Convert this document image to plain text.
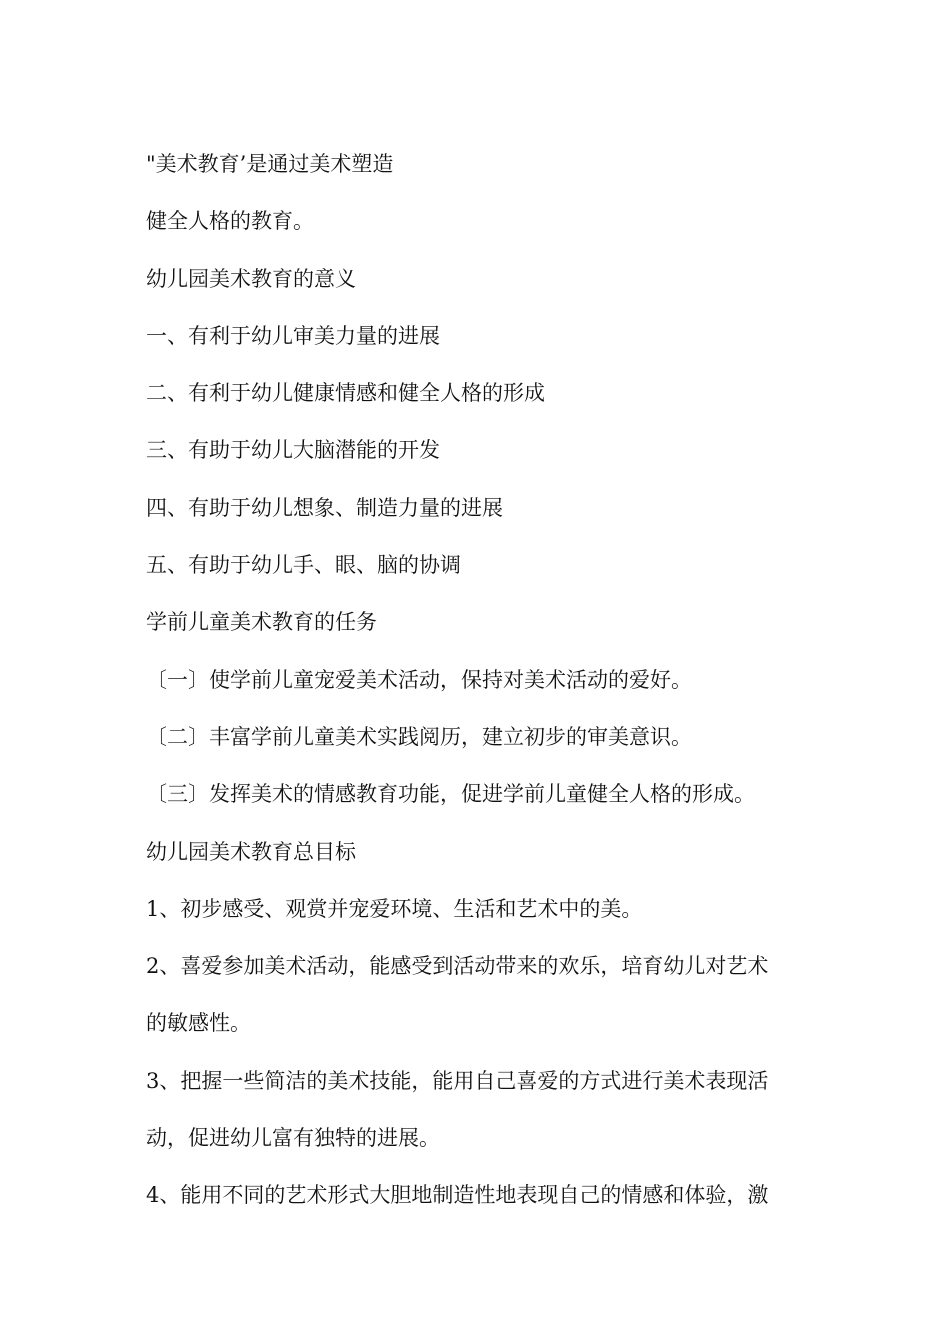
"美术教育’是通过美术塑造
健全人格的教育。
幼儿园美术教育的意义
一、有利于幼儿审美力量的进展
二、有利于幼儿健康情感和健全人格的形成
三、有助于幼儿大脑潜能的开发
四、有助于幼儿想象、制造力量的进展
五、有助于幼儿手、眼、脑的协调
学前儿童美术教育的任务
〔一〕使学前儿童宠爱美术活动，保持对美术活动的爱好。
〔二〕丰富学前儿童美术实践阅历，建立初步的审美意识。
〔三〕发挥美术的情感教育功能，促进学前儿童健全人格的形成。
幼儿园美术教育总目标
1、初步感受、观赏并宠爱环境、生活和艺术中的美。
2、喜爱参加美术活动，能感受到活动带来的欢乐，培育幼儿对艺术
的敏感性。
3、把握一些简洁的美术技能，能用自己喜爱的方式进行美术表现活
动，促进幼儿富有独特的进展。
4、能用不同的艺术形式大胆地制造性地表现自己的情感和体验，激
